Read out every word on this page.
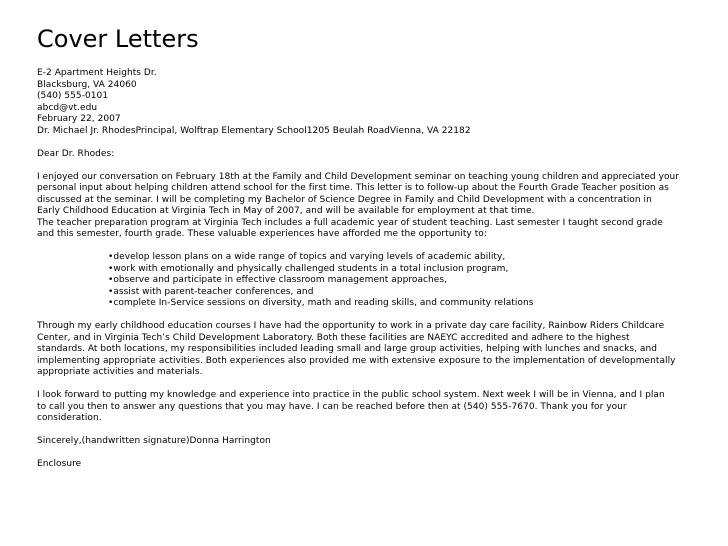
Cover Letters
E-2 Apartment Heights Dr.
Blacksburg, VA 24060
(540) 555-0101
abcd@vt.edu
February 22, 2007
Dr. Michael Jr. RhodesPrincipal, Wolftrap Elementary School1205 Beulah RoadVienna, VA 22182
Dear Dr. Rhodes:
I enjoyed our conversation on February 18th at the Family and Child Development seminar on teaching young children and appreciated your
personal input about helping children attend school for the first time. This letter is to follow-up about the Fourth Grade Teacher position as
discussed at the seminar. I will be completing my Bachelor of Science Degree in Family and Child Development with a concentration in
Early Childhood Education at Virginia Tech in May of 2007, and will be available for employment at that time.
The teacher preparation program at Virginia Tech includes a full academic year of student teaching. Last semester I taught second grade
and this semester, fourth grade. These valuable experiences have afforded me the opportunity to:
•develop lesson plans on a wide range of topics and varying levels of academic ability,
•work with emotionally and physically challenged students in a total inclusion program,
•observe and participate in effective classroom management approaches,
•assist with parent-teacher conferences, and
•complete In-Service sessions on diversity, math and reading skills, and community relations
Through my early childhood education courses I have had the opportunity to work in a private day care facility, Rainbow Riders Childcare
Center, and in Virginia Tech’s Child Development Laboratory. Both these facilities are NAEYC accredited and adhere to the highest
standards. At both locations, my responsibilities included leading small and large group activities, helping with lunches and snacks, and
implementing appropriate activities. Both experiences also provided me with extensive exposure to the implementation of developmentally
appropriate activities and materials.
I look forward to putting my knowledge and experience into practice in the public school system. Next week I will be in Vienna, and I plan
to call you then to answer any questions that you may have. I can be reached before then at (540) 555-7670. Thank you for your
consideration.
Sincerely,(handwritten signature)Donna Harrington
Enclosure
